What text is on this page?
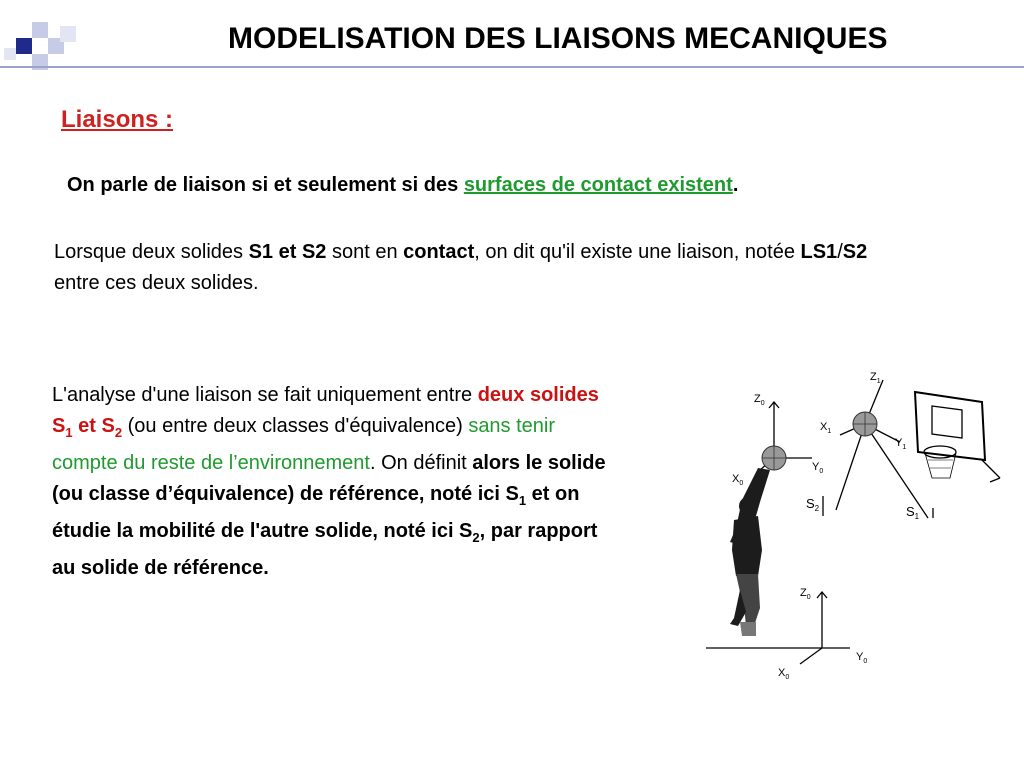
MODELISATION DES LIAISONS MECANIQUES
Liaisons :
On parle de liaison si et seulement si des surfaces de contact existent.
Lorsque deux solides S1 et S2 sont en contact, on dit qu'il existe une liaison, notée LS1/S2 entre ces deux solides.
L'analyse d'une liaison se fait uniquement entre deux solides $S_1$ et $S_2$ (ou entre deux classes d'équivalence) sans tenir compte du reste de l’environnement. On définit alors le solide (ou classe d’équivalence) de référence, noté ici $S_1$ et on étudie la mobilité de l'autre solide, noté ici $S_2$, par rapport au solide de référence.
$Z_0$
$X_0$
$Y_0$
$Z_1$
$X_1$
$Y_1$
$S_2$	$S_1$
$Z_0$
$Y_0$
$X_0$
